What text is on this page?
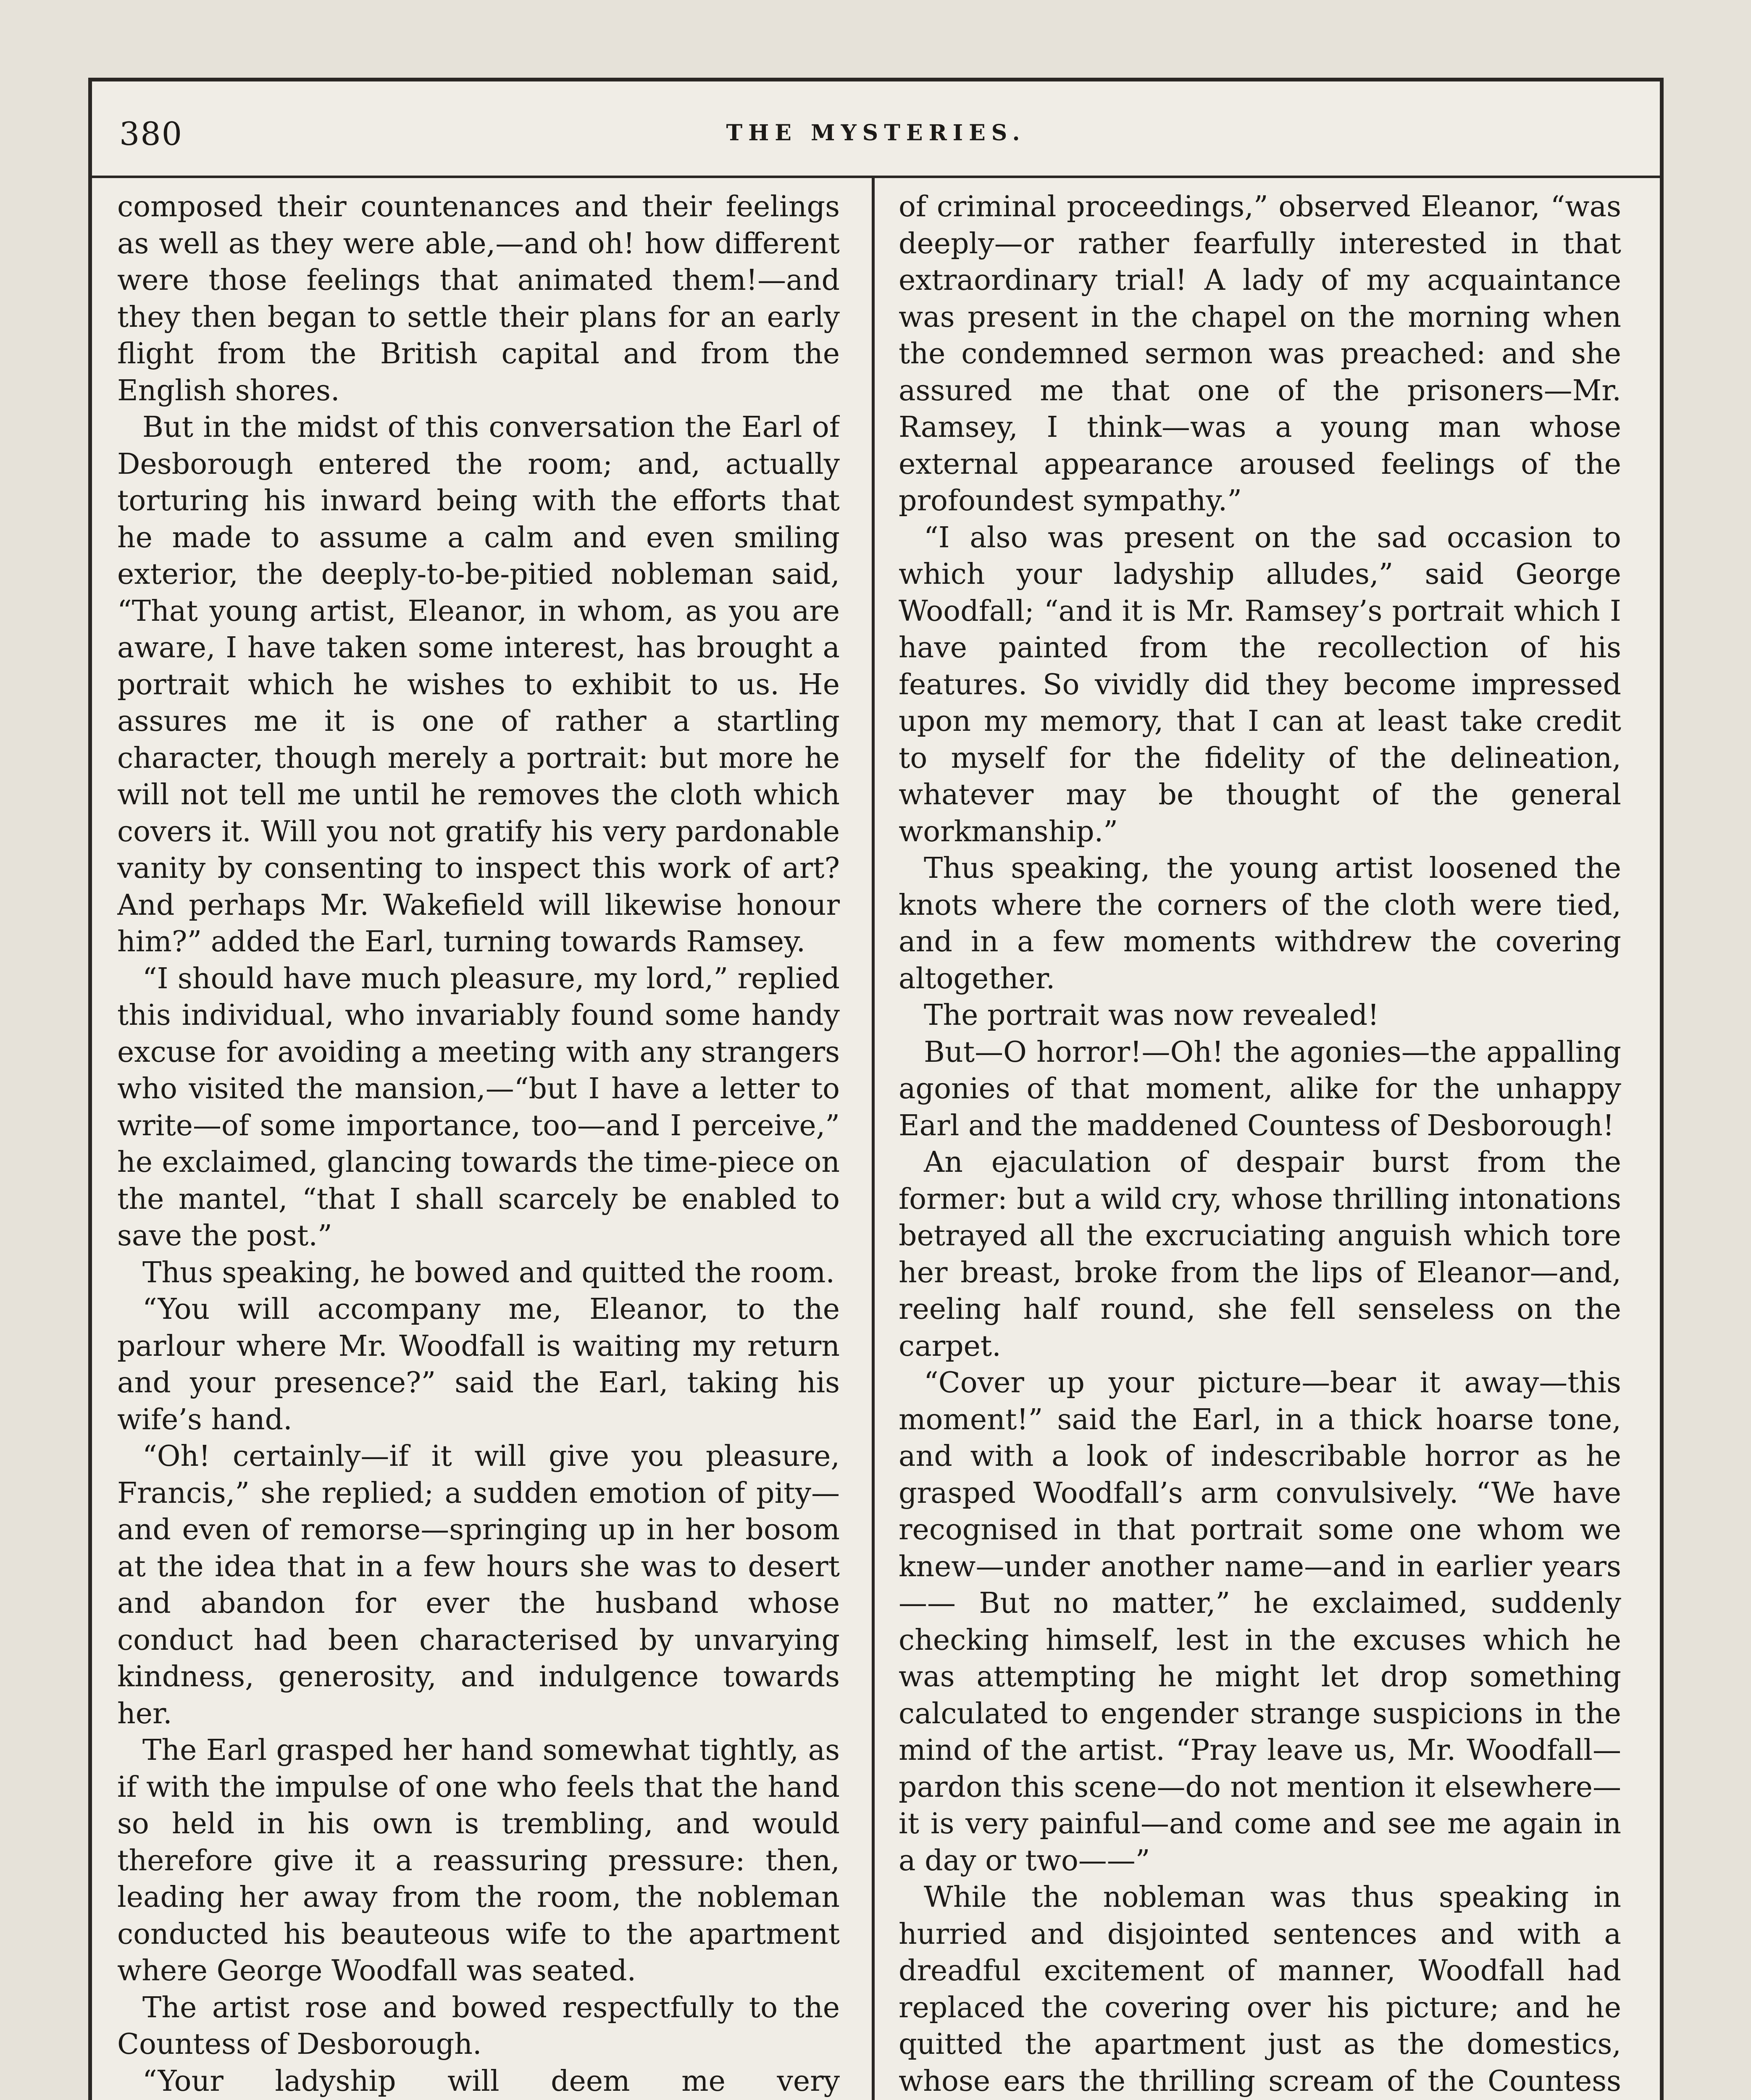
380	THE MYSTERIES.

composed their countenances and their feelings as well as they were able,—and oh! how different were those feelings that animated them!—and they then began to settle their plans for an early flight from the British capital and from the English shores.

But in the midst of this conversation the Earl of Desborough entered the room; and, actually torturing his inward being with the efforts that he made to assume a calm and even smiling exterior, the deeply-to-be-pitied nobleman said, “That young artist, Eleanor, in whom, as you are aware, I have taken some interest, has brought a portrait which he wishes to exhibit to us. He assures me it is one of rather a startling character, though merely a portrait: but more he will not tell me until he removes the cloth which covers it. Will you not gratify his very pardonable vanity by consenting to inspect this work of art? And perhaps Mr. Wakefield will likewise honour him?” added the Earl, turning towards Ramsey.

“I should have much pleasure, my lord,” replied this individual, who invariably found some handy excuse for avoiding a meeting with any strangers who visited the mansion,—“but I have a letter to write—of some importance, too—and I perceive,” he exclaimed, glancing towards the time-piece on the mantel, “that I shall scarcely be enabled to save the post.”

Thus speaking, he bowed and quitted the room.

“You will accompany me, Eleanor, to the parlour where Mr. Woodfall is waiting my return and your presence?” said the Earl, taking his wife’s hand.

“Oh! certainly—if it will give you pleasure, Francis,” she replied; a sudden emotion of pity—and even of remorse—springing up in her bosom at the idea that in a few hours she was to desert and abandon for ever the husband whose conduct had been characterised by unvarying kindness, generosity, and indulgence towards her.

The Earl grasped her hand somewhat tightly, as if with the impulse of one who feels that the hand so held in his own is trembling, and would therefore give it a reassuring pressure: then, leading her away from the room, the nobleman conducted his beauteous wife to the apartment where George Woodfall was seated.

The artist rose and bowed respectfully to the Countess of Desborough.

“Your ladyship will deem me very

of criminal proceedings,” observed Eleanor, “was deeply—or rather fearfully interested in that extraordinary trial! A lady of my acquaintance was present in the chapel on the morning when the condemned sermon was preached: and she assured me that one of the prisoners—Mr. Ramsey, I think—was a young man whose external appearance aroused feelings of the profoundest sympathy.”

“I also was present on the sad occasion to which your ladyship alludes,” said George Woodfall; “and it is Mr. Ramsey’s portrait which I have painted from the recollection of his features. So vividly did they become impressed upon my memory, that I can at least take credit to myself for the fidelity of the delineation, whatever may be thought of the general workmanship.”

Thus speaking, the young artist loosened the knots where the corners of the cloth were tied, and in a few moments withdrew the covering altogether.

The portrait was now revealed!

But—O horror!—Oh! the agonies—the appalling agonies of that moment, alike for the unhappy Earl and the maddened Countess of Desborough!

An ejaculation of despair burst from the former: but a wild cry, whose thrilling intonations betrayed all the excruciating anguish which tore her breast, broke from the lips of Eleanor—and, reeling half round, she fell senseless on the carpet.

“Cover up your picture—bear it away—this moment!” said the Earl, in a thick hoarse tone, and with a look of indescribable horror as he grasped Woodfall’s arm convulsively. “We have recognised in that portrait some one whom we knew—under another name—and in earlier years—— But no matter,” he exclaimed, suddenly checking himself, lest in the excuses which he was attempting he might let drop something calculated to engender strange suspicions in the mind of the artist. “Pray leave us, Mr. Woodfall—pardon this scene—do not mention it elsewhere—it is very painful—and come and see me again in a day or two——”

While the nobleman was thus speaking in hurried and disjointed sentences and with a dreadful excitement of manner, Woodfall had replaced the covering over his picture; and he quitted the apartment just as the domestics, whose ears the thrilling scream of the Countess
